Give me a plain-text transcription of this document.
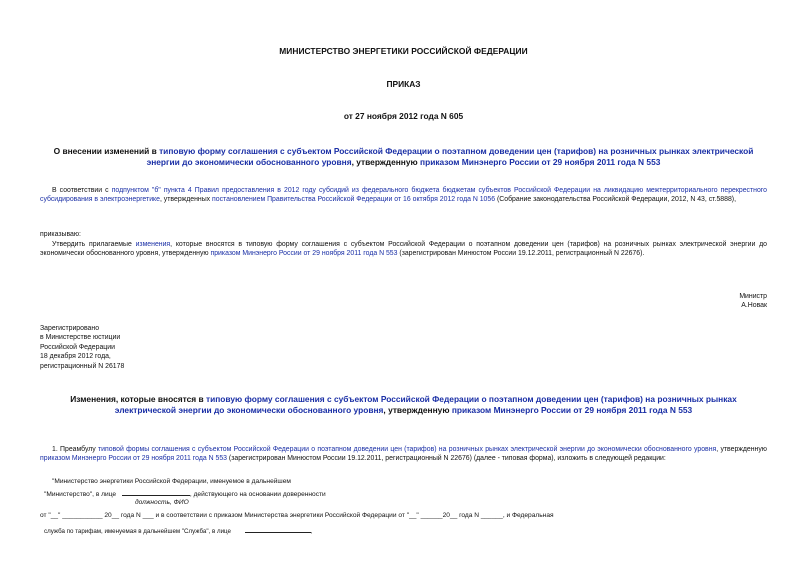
МИНИСТЕРСТВО ЭНЕРГЕТИКИ РОССИЙСКОЙ ФЕДЕРАЦИИ
ПРИКАЗ
от 27 ноября 2012 года N 605
О внесении изменений в типовую форму соглашения с субъектом Российской Федерации о поэтапном доведении цен (тарифов) на розничных рынках электрической энергии до экономически обоснованного уровня, утвержденную приказом Минэнерго России от 29 ноября 2011 года N 553
В соответствии с подпунктом "б" пункта 4 Правил предоставления в 2012 году субсидий из федерального бюджета бюджетам субъектов Российской Федерации на ликвидацию межтерриториального перекрестного субсидирования в электроэнергетике, утвержденных постановлением Правительства Российской Федерации от 16 октября 2012 года N 1056 (Собрание законодательства Российской Федерации, 2012, N 43, ст.5888),
приказываю:
Утвердить прилагаемые изменения, которые вносятся в типовую форму соглашения с субъектом Российской Федерации о поэтапном доведении цен (тарифов) на розничных рынках электрической энергии до экономически обоснованного уровня, утвержденную приказом Минэнерго России от 29 ноября 2011 года N 553 (зарегистрирован Минюстом России 19.12.2011, регистрационный N 22676).
Министр
А.Новак
Зарегистрировано
в Министерстве юстиции
Российской Федерации
18 декабря 2012 года,
регистрационный N 26178
Изменения, которые вносятся в типовую форму соглашения с субъектом Российской Федерации о поэтапном доведении цен (тарифов) на розничных рынках электрической энергии до экономически обоснованного уровня, утвержденную приказом Минэнерго России от 29 ноября 2011 года N 553
1. Преамбулу типовой формы соглашения с субъектом Российской Федерации о поэтапном доведении цен (тарифов) на розничных рынках электрической энергии до экономически обоснованного уровня, утвержденную приказом Минэнерго России от 29 ноября 2011 года N 553 (зарегистрирован Минюстом России 19.12.2011, регистрационный N 22676) (далее - типовая форма), изложить в следующей редакции:
"Министерство энергетики Российской Федерации, именуемое в дальнейшем
"Министерство", в лице	, действующего на основании доверенности
должность, ФИО
от "__" ___________ 20__ года N ___ и в соответствии с приказом Министерства энергетики Российской Федерации от "__" ______20__ года N ______, и Федеральная
служба по тарифам, именуемая в дальнейшем "Служба", в лице	,
